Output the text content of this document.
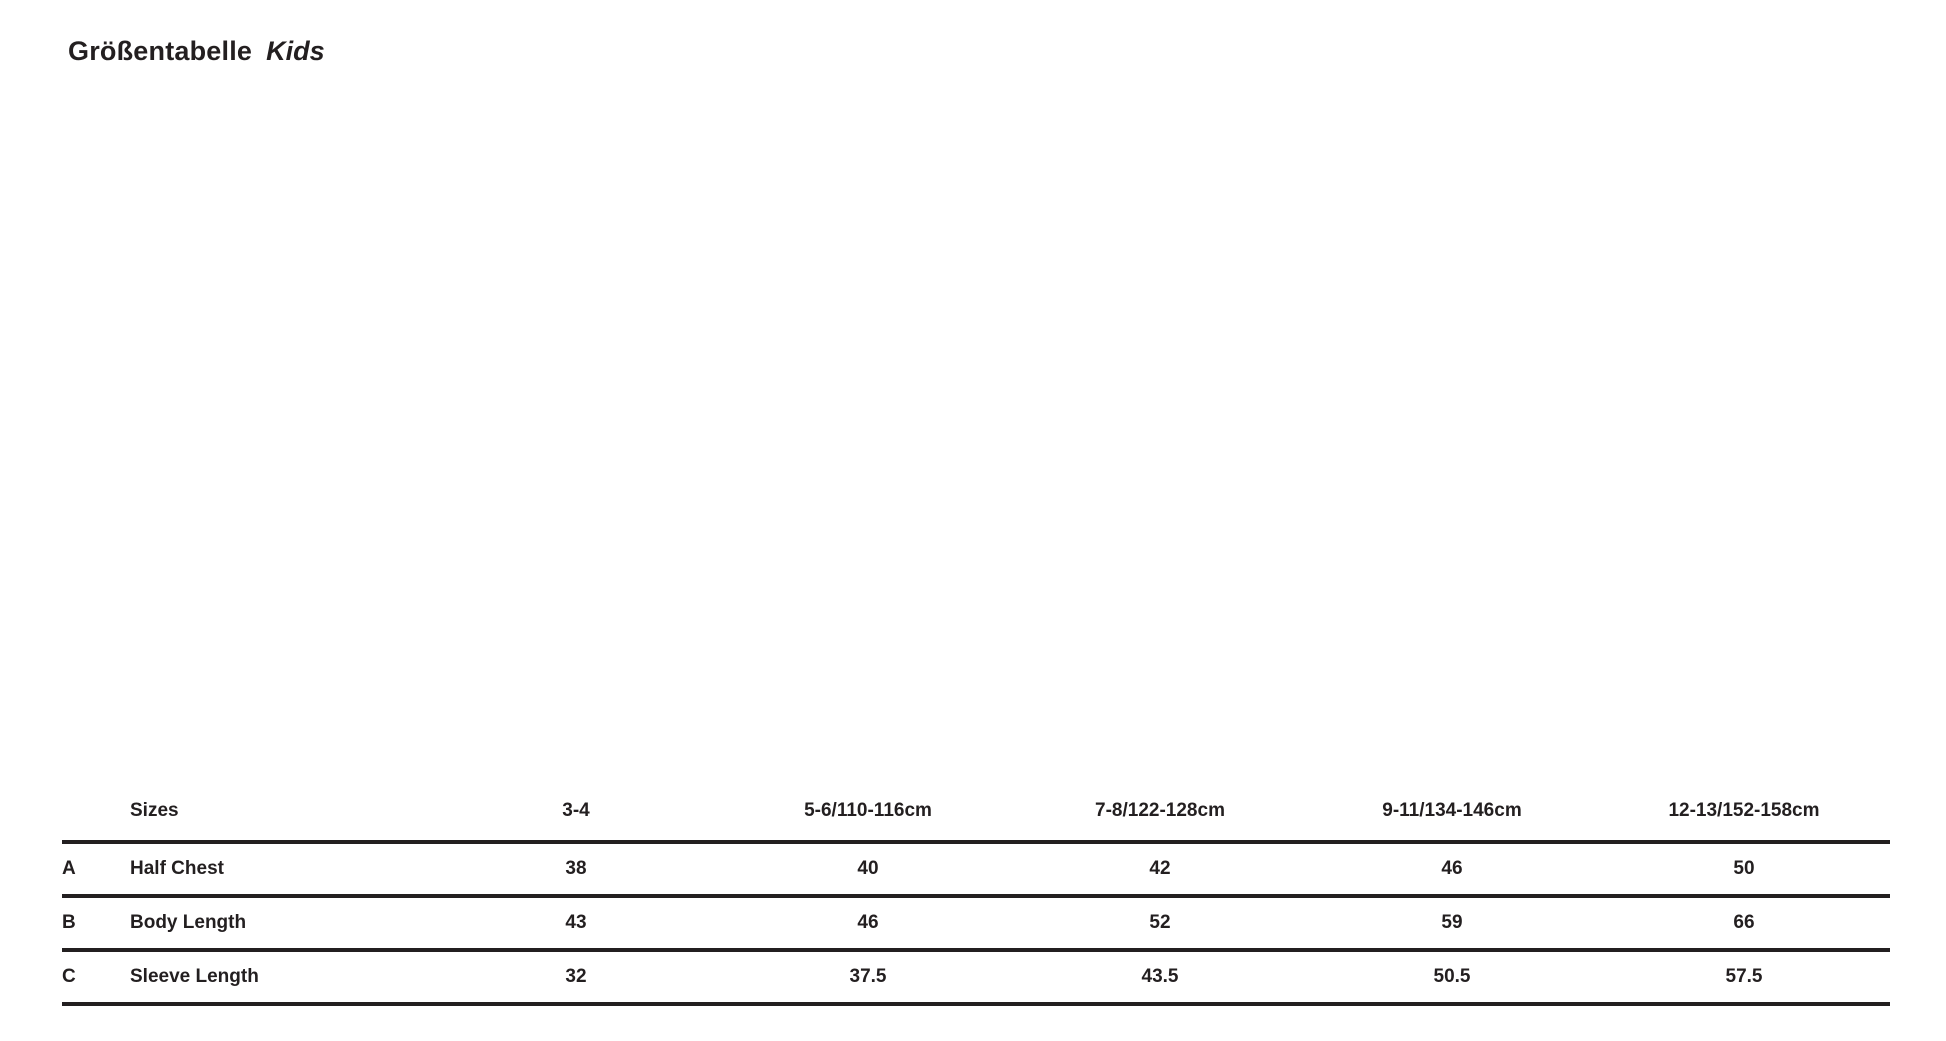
Größentabelle Kids
	Sizes	3-4	5-6/110-116cm	7-8/122-128cm	9-11/134-146cm	12-13/152-158cm
A	Half Chest	38	40	42	46	50
B	Body Length	43	46	52	59	66
C	Sleeve Length	32	37.5	43.5	50.5	57.5
